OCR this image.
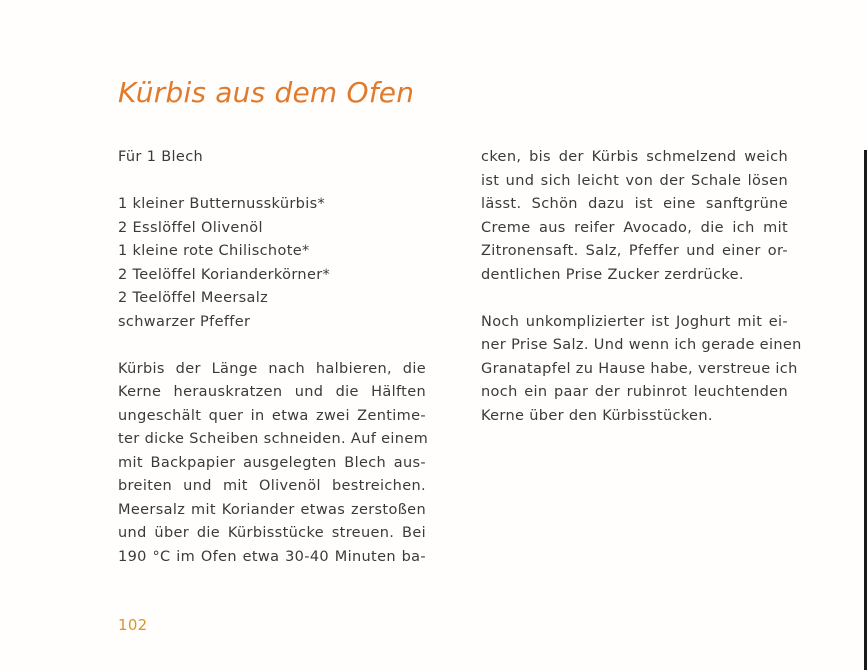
Kürbis aus dem Ofen
Für 1 Blech
1 kleiner Butternusskürbis*
2 Esslöffel Olivenöl
1 kleine rote Chilischote*
2 Teelöffel Korianderkörner*
2 Teelöffel Meersalz
schwarzer Pfeffer
Kürbis der Länge nach halbieren, die
Kerne herauskratzen und die Hälften
ungeschält quer in etwa zwei Zentime-
ter dicke Scheiben schneiden. Auf einem
mit Backpapier ausgelegten Blech aus-
breiten und mit Olivenöl bestreichen.
Meersalz mit Koriander etwas zerstoßen
und über die Kürbisstücke streuen. Bei
190 °C im Ofen etwa 30-40 Minuten ba-
cken, bis der Kürbis schmelzend weich
ist und sich leicht von der Schale lösen
lässt. Schön dazu ist eine sanftgrüne
Creme aus reifer Avocado, die ich mit
Zitronensaft. Salz, Pfeffer und einer or-
dentlichen Prise Zucker zerdrücke.
Noch unkomplizierter ist Joghurt mit ei-
ner Prise Salz. Und wenn ich gerade einen
Granatapfel zu Hause habe, verstreue ich
noch ein paar der rubinrot leuchtenden
Kerne über den Kürbisstücken.
102
